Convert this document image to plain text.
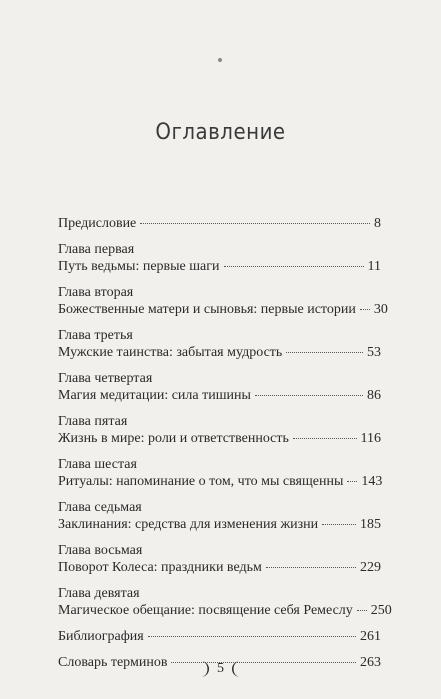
Оглавление
Предисловие	8
Глава первая
Путь ведьмы: первые шаги	11
Глава вторая
Божественные матери и сыновья: первые истории 30
Глава третья
Мужские таинства: забытая мудрость	53
Глава четвертая
Магия медитации: сила тишины	86
Глава пятая
Жизнь в мире: роли и ответственность	116
Глава шестая
Ритуалы: напоминание о том, что мы священны 143
Глава седьмая
Заклинания: средства для изменения жизни	185
Глава восьмая
Поворот Колеса: праздники ведьм	229
Глава девятая
Магическое обещание: посвящение себя Ремеслу 250
Библиография	261
Словарь терминов	263
5
